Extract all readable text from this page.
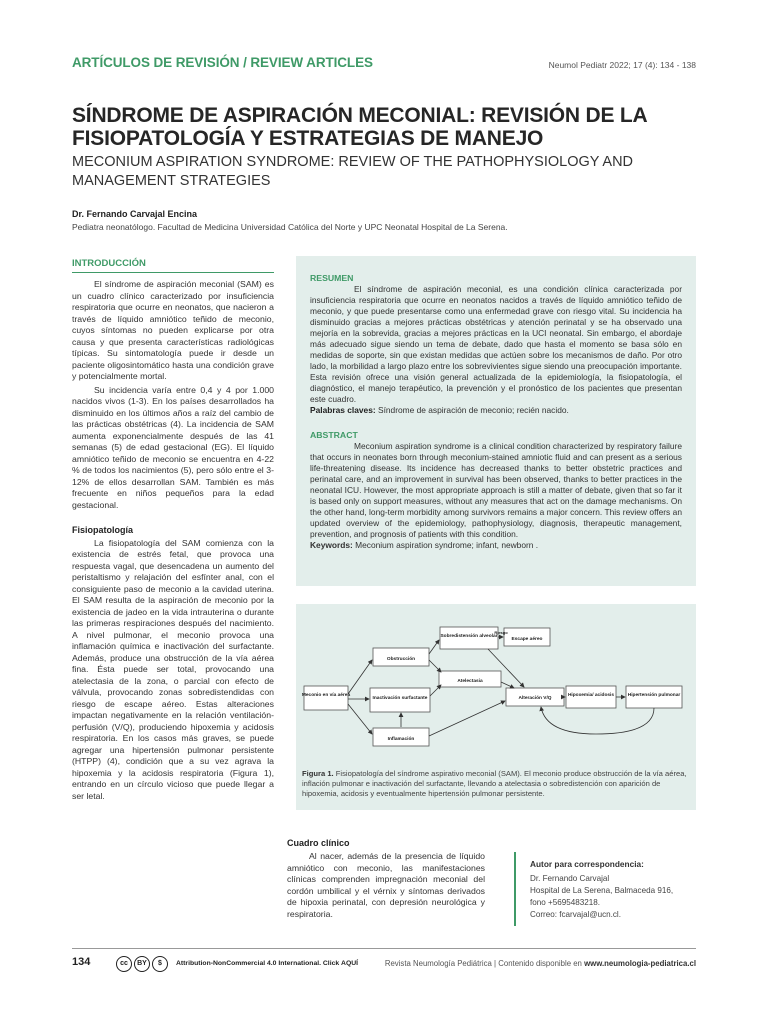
ARTÍCULOS DE REVISIÓN / REVIEW ARTICLES	Neumol Pediatr 2022; 17 (4): 134 - 138
SÍNDROME DE ASPIRACIÓN MECONIAL: REVISIÓN DE LA FISIOPATOLOGÍA Y ESTRATEGIAS DE MANEJO
MECONIUM ASPIRATION SYNDROME: REVIEW OF THE PATHOPHYSIOLOGY AND MANAGEMENT STRATEGIES
Dr. Fernando Carvajal Encina
Pediatra neonatólogo. Facultad de Medicina Universidad Católica del Norte y UPC Neonatal Hospital de La Serena.
INTRODUCCIÓN

El síndrome de aspiración meconial (SAM) es un cuadro clínico caracterizado por insuficiencia respiratoria que ocurre en neonatos, que nacieron a través de líquido amniótico teñido de meconio, cuyos síntomas no pueden explicarse por otra causa y que presenta características radiológicas típicas. Su sintomatología puede ir desde un paciente oligosintomático hasta una condición grave y potencialmente mortal.

Su incidencia varía entre 0,4 y 4 por 1.000 nacidos vivos (1-3). En los países desarrollados ha disminuido en los últimos años a raíz del cambio de las prácticas obstétricas (4). La incidencia de SAM aumenta exponencialmente después de las 41 semanas (5) de edad gestacional (EG). El líquido amniótico teñido de meconio se encuentra en 4-22 % de todos los nacimientos (5), pero sólo entre el 3-12% de ellos desarrollan SAM. También es más frecuente en niños pequeños para la edad gestacional.

Fisiopatología

La fisiopatología del SAM comienza con la existencia de estrés fetal, que provoca una respuesta vagal, que desencadena un aumento del peristaltismo y relajación del esfínter anal, con el consiguiente paso de meconio a la cavidad uterina. El SAM resulta de la aspiración de meconio por la existencia de jadeo en la vida intrauterina o durante las primeras respiraciones después del nacimiento. A nivel pulmonar, el meconio provoca una inflamación química e inactivación del surfactante. Además, produce una obstrucción de la vía aérea fina. Ésta puede ser total, provocando una atelectasia de la zona, o parcial con efecto de válvula, provocando zonas sobredistendidas con riesgo de escape aéreo. Estas alteraciones impactan negativamente en la relación ventilación-perfusión (V/Q), produciendo hipoxemia y acidosis respiratoria. En los casos más graves, se puede agregar una hipertensión pulmonar persistente (HTPP) (4), condición que a su vez agrava la hipoxemia y la acidosis respiratoria (Figura 1), entrando en un círculo vicioso que puede llegar a ser letal.

RESUMEN

El síndrome de aspiración meconial, es una condición clínica caracterizada por insuficiencia respiratoria que ocurre en neonatos nacidos a través de líquido amniótico teñido de meconio, y que puede presentarse como una enfermedad grave con riesgo vital. Su incidencia ha disminuido gracias a mejores prácticas obstétricas y atención perinatal y se ha observado una mejoría en la sobrevida, gracias a mejores prácticas en la UCI neonatal. Sin embargo, el abordaje más adecuado sigue siendo un tema de debate, dado que hasta el momento se basa sólo en medidas de soporte, sin que existan medidas que actúen sobre los mecanismos de daño. Por otro lado, la morbilidad a largo plazo entre los sobrevivientes sigue siendo una preocupación importante. Esta revisión ofrece una visión general actualizada de la epidemiología, la fisiopatología, el diagnóstico, el manejo terapéutico, la prevención y el pronóstico de los pacientes que presentan este cuadro.

Palabras claves: Síndrome de aspiración de meconio; recién nacido.

ABSTRACT

Meconium aspiration syndrome is a clinical condition characterized by respiratory failure that occurs in neonates born through meconium-stained amniotic fluid and can present as a serious life-threatening disease. Its incidence has decreased thanks to better obstetric practices and perinatal care, and an improvement in survival has been observed, thanks to better practices in the neonatal ICU. However, the most appropriate approach is still a matter of debate, given that so far it is based only on support measures, without any measures that act on the damage mechanisms. On the other hand, long-term morbidity among survivors remains a major concern. This review offers an updated overview of the epidemiology, pathophysiology, diagnosis, therapeutic management, prevention, and prognosis of patients with this condition.

Keywords: Meconium aspiration syndrome; infant, newborn .

Meconio en vía aérea
Obstrucción
Inactivación surfactante
Inflamación
Sobredistensión alveolar
Escape aéreo
Riesgo
Atelectasia
Alteración V/Q
Hipoxemia/ acidosis	Hipertensión pulmonar
Figura 1. Fisiopatología del síndrome aspirativo meconial (SAM). El meconio produce obstrucción de la vía aérea, inflación pulmonar e inactivación del surfactante, llevando a atelectasia o sobredistención con aparición de hipoxemia, acidosis y eventualmente hipertensión pulmonar persistente.
Cuadro clínico

Al nacer, además de la presencia de líquido amniótico con meconio, las manifestaciones clínicas comprenden impregnación meconial del cordón umbilical y el vérnix y síntomas derivados de hipoxia perinatal, con depresión neurológica y respiratoria.

Autor para correspondencia:
Dr. Fernando Carvajal
Hospital de La Serena, Balmaceda 916,
fono +5695483218.
Correo: fcarvajal@ucn.cl.
134	cc	BY	$	Attribution-NonCommercial 4.0 International. Click AQUÍ	Revista Neumología Pediátrica | Contenido disponible en www.neumologia-pediatrica.cl
